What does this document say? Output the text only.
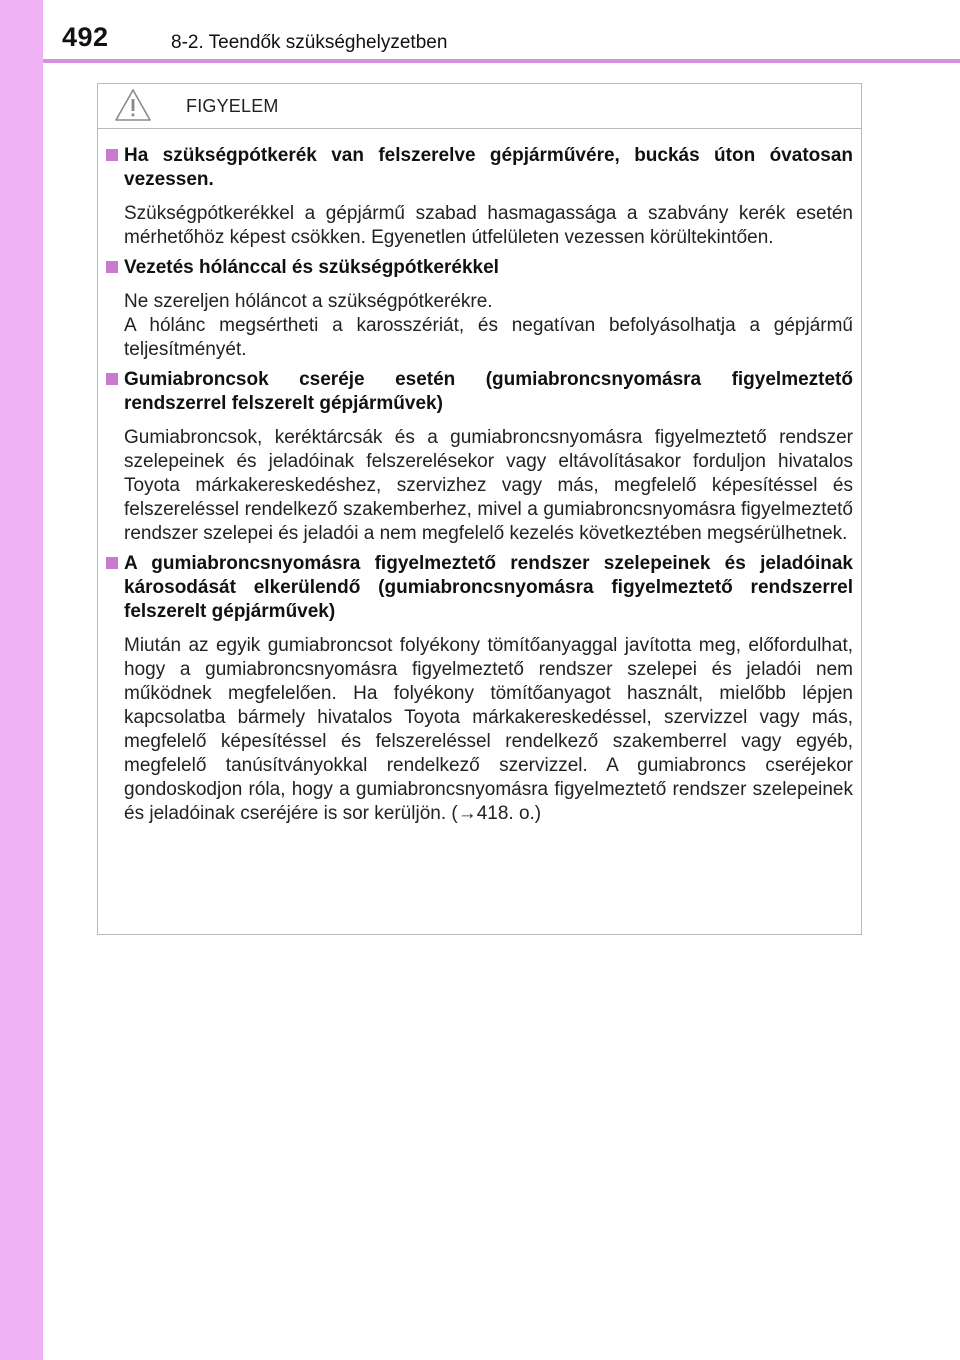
492	8-2. Teendők szükséghelyzetben
FIGYELEM
Ha szükségpótkerék van felszerelve gépjárművére, buckás úton óvatosan vezessen.
Szükségpótkerékkel a gépjármű szabad hasmagassága a szabvány kerék esetén mérhetőhöz képest csökken. Egyenetlen útfelületen vezessen körültekintően.
Vezetés hólánccal és szükségpótkerékkel
Ne szereljen hóláncot a szükségpótkerékre.
A hólánc megsértheti a karosszériát, és negatívan befolyásolhatja a gépjármű teljesítményét.
Gumiabroncsok cseréje esetén (gumiabroncsnyomásra figyelmeztető rendszerrel felszerelt gépjárművek)
Gumiabroncsok, keréktárcsák és a gumiabroncsnyomásra figyelmeztető rendszer szelepeinek és jeladóinak felszerelésekor vagy eltávolításakor forduljon hivatalos Toyota márkakereskedéshez, szervizhez vagy más, megfelelő képesítéssel és felszereléssel rendelkező szakemberhez, mivel a gumiabroncsnyomásra figyelmeztető rendszer szelepei és jeladói a nem megfelelő kezelés következtében megsérülhetnek.
A gumiabroncsnyomásra figyelmeztető rendszer szelepeinek és jeladóinak károsodását elkerülendő (gumiabroncsnyomásra figyelmeztető rendszerrel felszerelt gépjárművek)
Miután az egyik gumiabroncsot folyékony tömítőanyaggal javította meg, előfordulhat, hogy a gumiabroncsnyomásra figyelmeztető rendszer szelepei és jeladói nem működnek megfelelően. Ha folyékony tömítőanyagot használt, mielőbb lépjen kapcsolatba bármely hivatalos Toyota márkakereskedéssel, szervizzel vagy más, megfelelő képesítéssel és felszereléssel rendelkező szakemberrel vagy egyéb, megfelelő tanúsítványokkal rendelkező szervizzel. A gumiabroncs cseréjekor gondoskodjon róla, hogy a gumiabroncsnyomásra figyelmeztető rendszer szelepeinek és jeladóinak cseréjére is sor kerüljön. (→418. o.)
